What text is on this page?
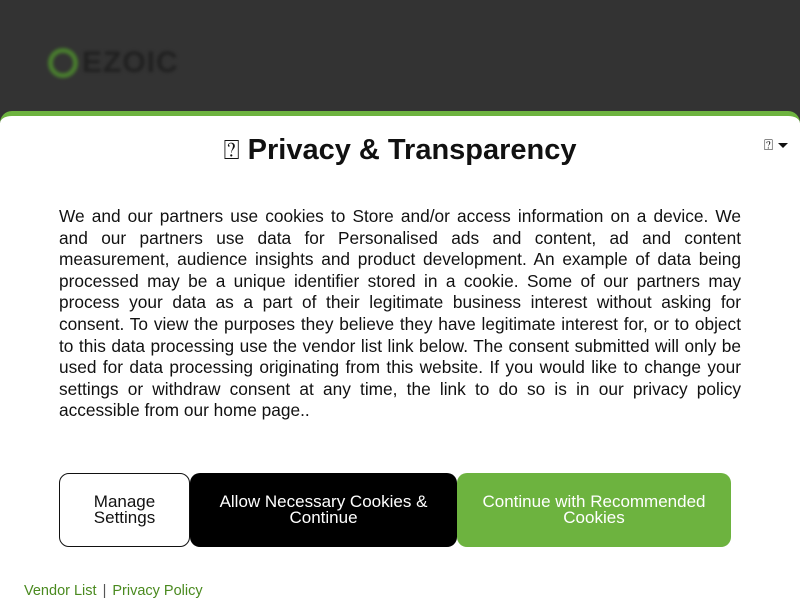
EZOIC
⍰
⍰ Privacy & Transparency

We and our partners use cookies to Store and/or access information on a device. We and our partners use data for Personalised ads and content, ad and content measurement, audience insights and product development. An example of data being processed may be a unique identifier stored in a cookie. Some of our partners may process your data as a part of their legitimate business interest without asking for consent. To view the purposes they believe they have legitimate interest for, or to object to this data processing use the vendor list link below. The consent submitted will only be used for data processing originating from this website. If you would like to change your settings or withdraw consent at any time, the link to do so is in our privacy policy accessible from our home page..

Manage Settings
Allow Necessary Cookies & Continue
Continue with Recommended Cookies
Vendor List | Privacy Policy
